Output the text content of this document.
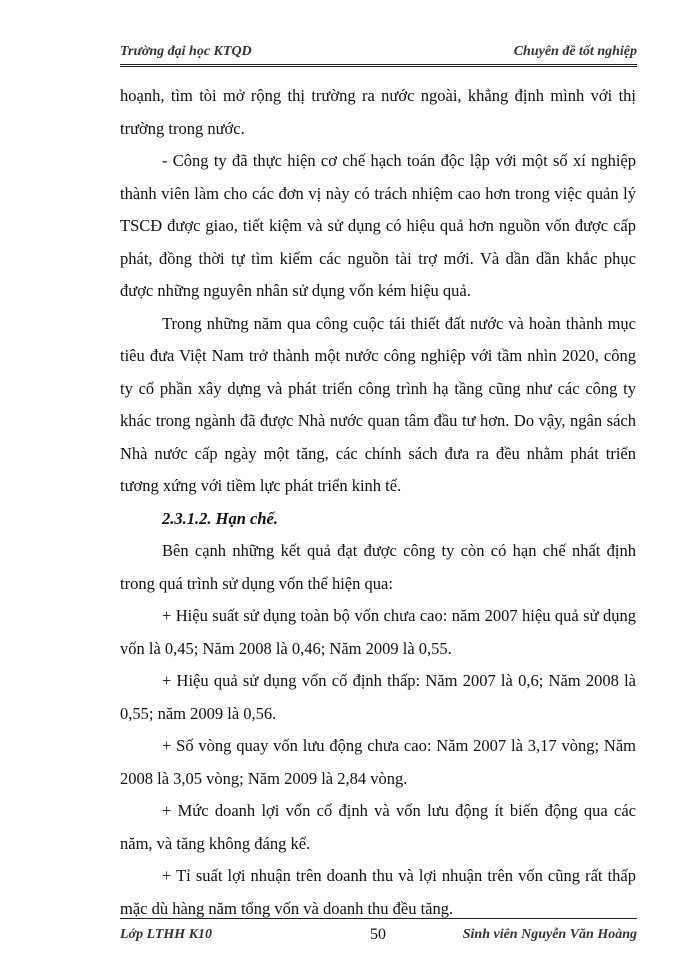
Trường đại học KTQD	Chuyên đề tốt nghiệp

hoạnh, tìm tòi mở rộng thị trường ra nước ngoài, khẳng định mình với thị trường trong nước.

- Công ty đã thực hiện cơ chế hạch toán độc lập với một số xí nghiệp thành viên làm cho các đơn vị này có trách nhiệm cao hơn trong việc quản lý TSCĐ được giao, tiết kiệm và sử dụng có hiệu quả hơn nguồn vốn được cấp phát, đồng thời tự tìm kiếm các nguồn tài trợ mới. Và dần dần khắc phục được những nguyên nhân sử dụng vốn kém hiệu quả.

Trong những năm qua công cuộc tái thiết đất nước và hoàn thành mục tiêu đưa Việt Nam trở thành một nước công nghiệp với tầm nhìn 2020, công ty cổ phần xây dựng và phát triển công trình hạ tầng cũng như các công ty khác trong ngành đã được Nhà nước quan tâm đầu tư hơn. Do vậy, ngân sách Nhà nước cấp ngày một tăng, các chính sách đưa ra đều nhằm phát triển tương xứng với tiềm lực phát triển kinh tế.

2.3.1.2. Hạn chế.

Bên cạnh những kết quả đạt được công ty còn có hạn chế nhất định trong quá trình sử dụng vốn thể hiện qua:

+ Hiệu suất sử dụng toàn bộ vốn chưa cao: năm 2007 hiệu quả sử dụng vốn là 0,45; Năm 2008 là 0,46; Năm 2009 là 0,55.

+ Hiệu quả sử dụng vốn cố định thấp: Năm 2007 là 0,6; Năm 2008 là 0,55; năm 2009 là 0,56.

+ Số vòng quay vốn lưu động chưa cao: Năm 2007 là 3,17 vòng; Năm 2008 là 3,05 vòng; Năm 2009 là 2,84 vòng.

+ Mức doanh lợi vốn cố định và vốn lưu động ít biến động qua các năm, và tăng không đáng kể.

+ Tỉ suất lợi nhuận trên doanh thu và lợi nhuận trên vốn cũng rất thấp mặc dù hàng năm tổng vốn và doanh thu đều tăng.

Lớp LTHH K10	50	Sinh viên Nguyễn Văn Hoàng
